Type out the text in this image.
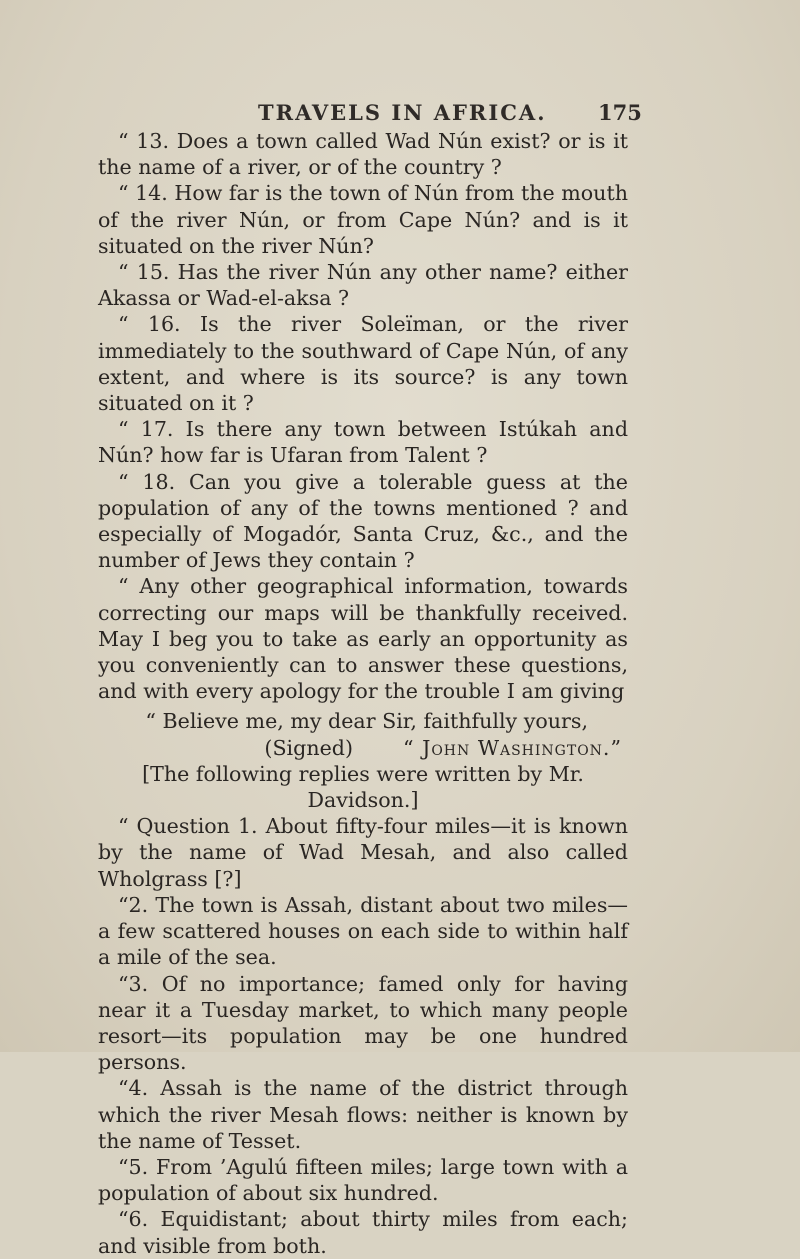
TRAVELS IN AFRICA. 175

“ 13. Does a town called Wad Nún exist? or is it the name of a river, or of the country ?

“ 14. How far is the town of Nún from the mouth of the river Nún, or from Cape Nún? and is it situated on the river Nún?

“ 15. Has the river Nún any other name? either Akassa or Wad-el-aksa ?

“ 16. Is the river Soleïman, or the river immediately to the southward of Cape Nún, of any extent, and where is its source? is any town situated on it ?

“ 17. Is there any town between Istúkah and Nún? how far is Ufaran from Talent ?

“ 18. Can you give a tolerable guess at the population of any of the towns mentioned ? and especially of Mogadór, Santa Cruz, &c., and the number of Jews they contain ?

“ Any other geographical information, towards correcting our maps will be thankfully received. May I beg you to take as early an opportunity as you conveniently can to answer these questions, and with every apology for the trouble I am giving

“ Believe me, my dear Sir, faithfully yours,
(Signed) “ John Washington.”

[The following replies were written by Mr. Davidson.]

“ Question 1. About fifty-four miles—it is known by the name of Wad Mesah, and also called Wholgrass [?]

“2. The town is Assah, distant about two miles—a few scattered houses on each side to within half a mile of the sea.

“3. Of no importance; famed only for having near it a Tuesday market, to which many people resort—its population may be one hundred persons.

“4. Assah is the name of the district through which the river Mesah flows: neither is known by the name of Tesset.

“5. From ’Agulú fifteen miles; large town with a population of about six hundred.

“6. Equidistant; about thirty miles from each; and visible from both.
